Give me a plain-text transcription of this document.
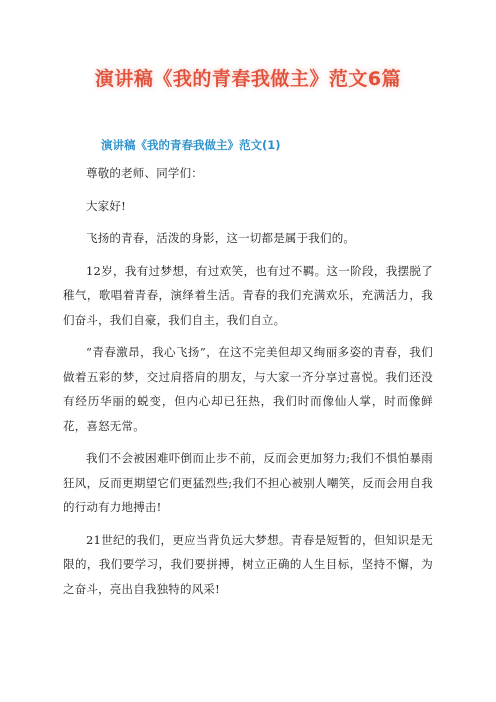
演讲稿《我的青春我做主》范文6篇
演讲稿《我的青春我做主》范文(1)

尊敬的老师、同学们：

大家好!

飞扬的青春，活泼的身影，这一切都是属于我们的。

12岁，我有过梦想，有过欢笑，也有过不羁。这一阶段，我摆脱了稚气，歌唱着青春，演绎着生活。青春的我们充满欢乐，充满活力，我们奋斗，我们自豪，我们自主，我们自立。

“青春激昂，我心飞扬”，在这不完美但却又绚丽多姿的青春，我们做着五彩的梦，交过肩搭肩的朋友，与大家一齐分享过喜悦。我们还没有经历华丽的蜕变，但内心却已狂热，我们时而像仙人掌，时而像鲜花，喜怒无常。

我们不会被困难吓倒而止步不前，反而会更加努力;我们不惧怕暴雨狂风，反而更期望它们更猛烈些;我们不担心被别人嘲笑，反而会用自我的行动有力地搏击!

21世纪的我们，更应当背负远大梦想。青春是短暂的，但知识是无限的，我们要学习，我们要拼搏，树立正确的人生目标，坚持不懈，为之奋斗，亮出自我独特的风采!
